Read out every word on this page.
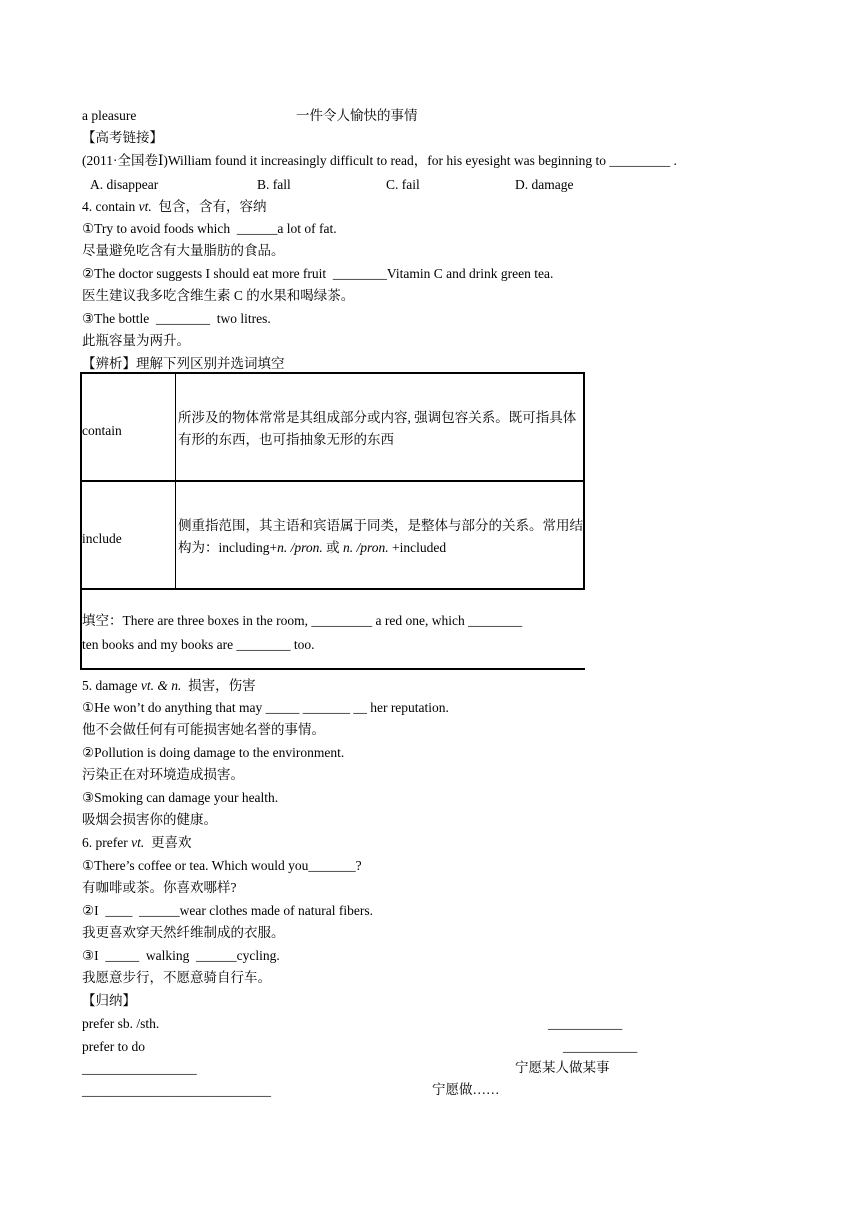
a pleasure	一件令人愉快的事情
【高考链接】
(2011·全国卷Ⅰ)William found it increasingly difficult to read，for his eyesight was beginning to _________ .
A. disappear	B. fall	C. fail	D. damage
4. contain vt.  包含，含有，容纳
①Try to avoid foods which  ______a lot of fat.
尽量避免吃含有大量脂肪的食品。
②The doctor suggests I should eat more fruit  ________Vitamin C and drink green tea.
医生建议我多吃含维生素 C 的水果和喝绿茶。
③The bottle  ________  two litres.
此瓶容量为两升。
【辨析】理解下列区别并选词填空
contain
所涉及的物体常常是其组成部分或内容, 强调包容关系。既可指具体有形的东西，也可指抽象无形的东西
include
侧重指范围，其主语和宾语属于同类，是整体与部分的关系。常用结构为：including+n. /pron. 或 n. /pron. +included
填空：There are three boxes in the room, _________ a red one, which ________
ten books and my books are ________ too.
5. damage vt. & n.  损害，伤害
①He won’t do anything that may _____ _______ __ her reputation.
他不会做任何有可能损害她名誉的事情。
②Pollution is doing damage to the environment.
污染正在对环境造成损害。
③Smoking can damage your health.
吸烟会损害你的健康。
6. prefer vt.  更喜欢
①There’s coffee or tea. Which would you_______?
有咖啡或茶。你喜欢哪样?
②I  ____  ______wear clothes made of natural fibers.
我更喜欢穿天然纤维制成的衣服。
③I  _____  walking  ______cycling.
我愿意步行，不愿意骑自行车。
【归纳】
prefer sb. /sth.	___________
prefer to do	___________
_________________	宁愿某人做某事
____________________________	宁愿做……
